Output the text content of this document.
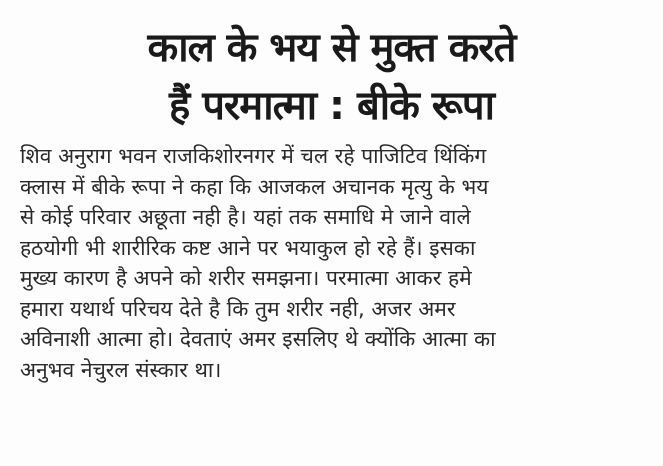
काल के भय से मुक्त करते
हैं परमात्मा : बीके रूपा
शिव अनुराग भवन राजकिशोरनगर में चल रहे पाजिटिव थिंकिंग
क्लास में बीके रूपा ने कहा कि आजकल अचानक मृत्यु के भय
से कोई परिवार अछूता नही है। यहां तक समाधि मे जाने वाले
हठयोगी भी शारीरिक कष्ट आने पर भयाकुल हो रहे हैं। इसका
मुख्य कारण है अपने को शरीर समझना। परमात्मा आकर हमे
हमारा यथार्थ परिचय देते है कि तुम शरीर नही, अजर अमर
अविनाशी आत्मा हो। देवताएं अमर इसलिए थे क्योंकि आत्मा का
अनुभव नेचुरल संस्कार था।
